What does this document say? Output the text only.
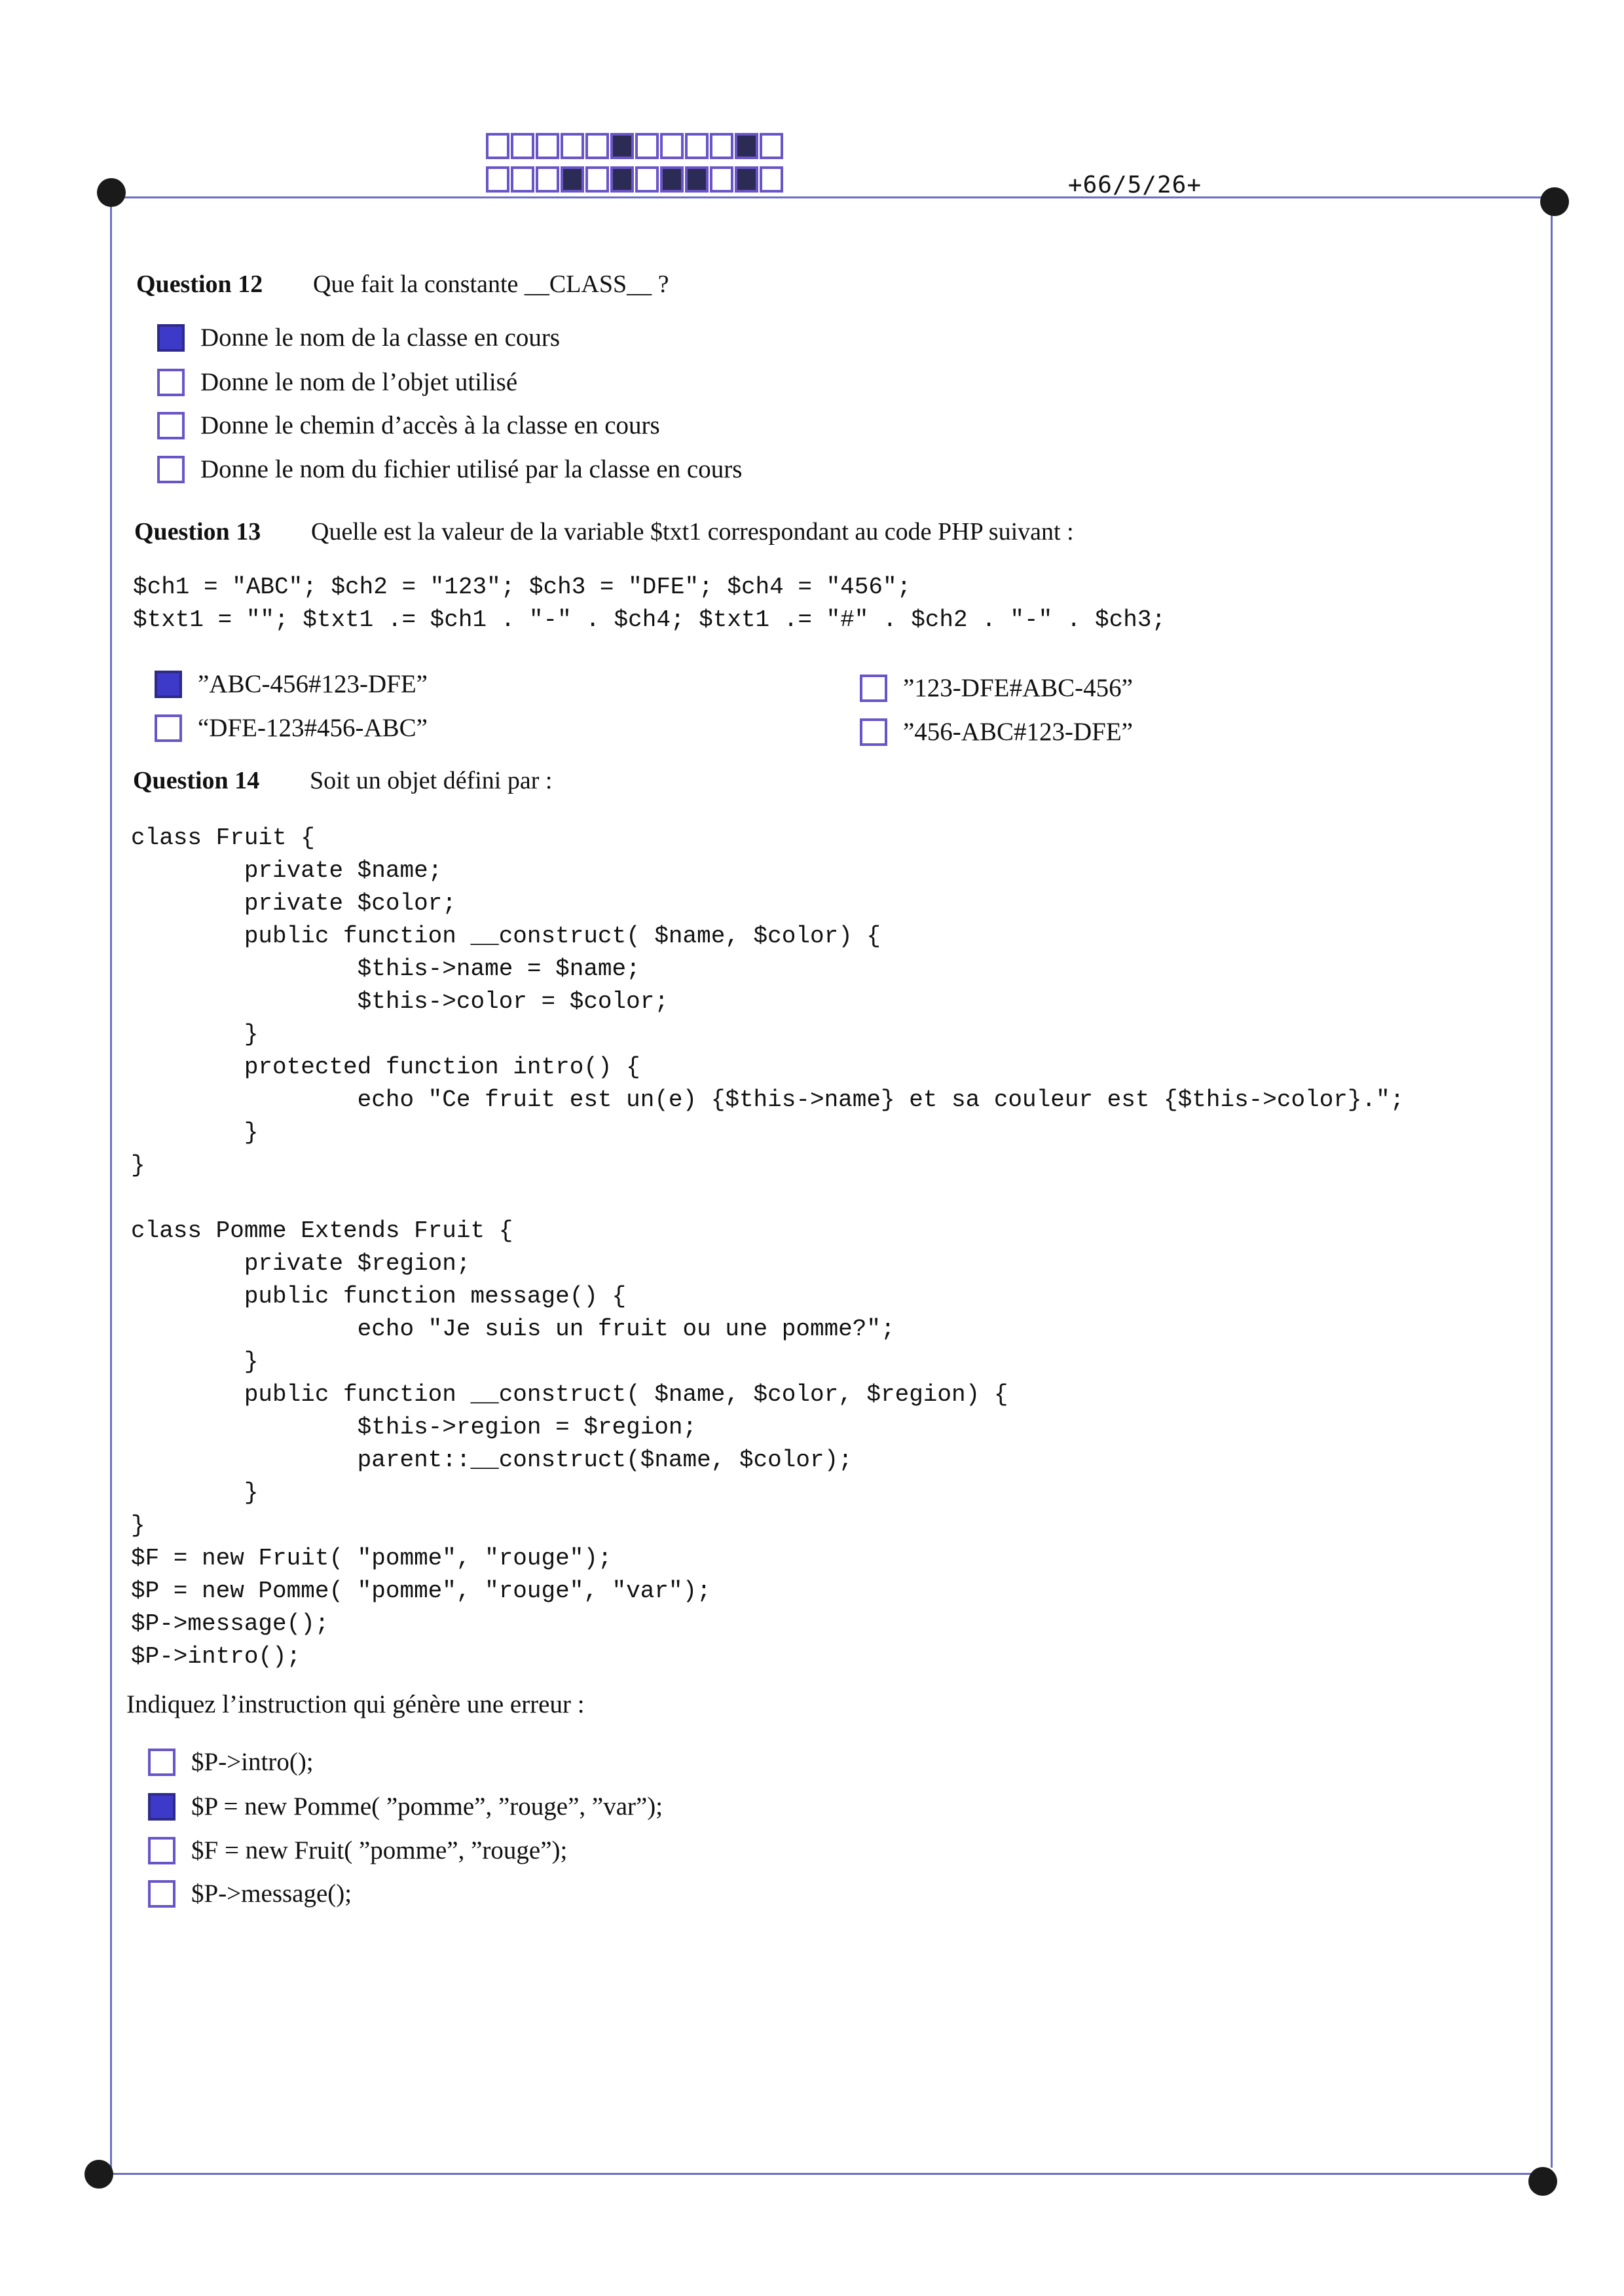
+66/5/26+
Question 12 Que fait la constante __CLASS__ ?
Donne le nom de la classe en cours
Donne le nom de l’objet utilisé
Donne le chemin d’accès à la classe en cours
Donne le nom du fichier utilisé par la classe en cours
Question 13 Quelle est la valeur de la variable $txt1 correspondant au code PHP suivant :
$ch1 = "ABC"; $ch2 = "123"; $ch3 = "DFE"; $ch4 = "456";
$txt1 = ""; $txt1 .= $ch1 . "-" . $ch4; $txt1 .= "#" . $ch2 . "-" . $ch3;
”ABC-456#123-DFE”
“DFE-123#456-ABC”
”123-DFE#ABC-456”
”456-ABC#123-DFE”
Question 14 Soit un objet défini par :
class Fruit {
private $name;
private $color;
public function __construct( $name, $color) {
$this->name = $name;
$this->color = $color;
}
protected function intro() {
echo "Ce fruit est un(e) {$this->name} et sa couleur est {$this->color}.";
}
}

class Pomme Extends Fruit {
private $region;
public function message() {
echo "Je suis un fruit ou une pomme?";
}
public function __construct( $name, $color, $region) {
$this->region = $region;
parent::__construct($name, $color);
}
}
$F = new Fruit( "pomme", "rouge");
$P = new Pomme( "pomme", "rouge", "var");
$P->message();
$P->intro();
Indiquez l’instruction qui génère une erreur :
$P->intro();
$P = new Pomme( ”pomme”, ”rouge”, ”var”);
$F = new Fruit( ”pomme”, ”rouge”);
$P->message();
